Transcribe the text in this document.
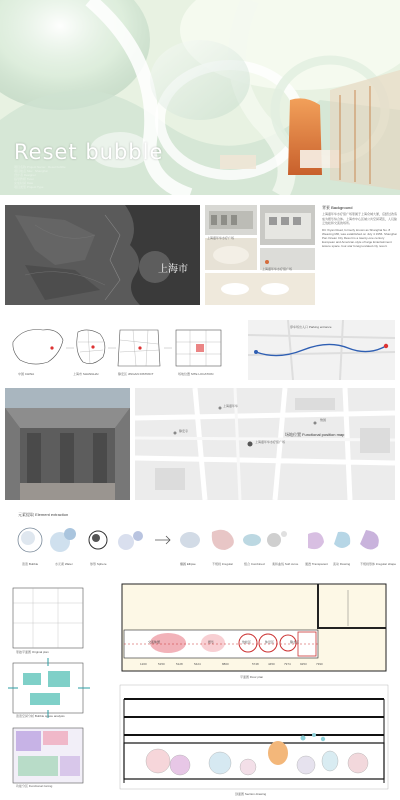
Reset bubble
项目名称 Project Name：Reset bubble
项目地点 Site：Shanghai
设计者 Designer
指导教师 Tutor
完成时间 Date
项目类型 Project Type
上海市
上海嘉年华水疗广场
上海嘉年华水疗馆广场
背景 Background
上海嘉年华水疗馆广场原属于上海众城大厦，后经过改造成为娱乐综合体。上海市中心区域公共空间紧张，人们缺乏放松和交流的场所。
DC Xiyan Road, formerly known as Shanghai No. 8 Weaving Mill, was established on July 4 1956. Shanghai Pan Ocean City Resort is a twenty-one century European and American-style of large Entertainment leisure space. four-star foreign-related city resort.
中国 CHINA	上海市 SHANGHAI	静安区 JINGAN DISTRICT	场地位置 SITE LOCATION
停车场出入口 Parking entrance
上海嘉年华
豫园
静安寺
上海嘉年华水疗馆广场
场地位置 Functional position map
元素提取 Element extraction
泡泡 Bubble	水元素 Water	球形 Sphere	椭圆 Ellipse	不规则 Irregular	组合 Combined 柔和曲线 Soft curve 通透 Transparent 流动 Flowing	不规则形体 Irregular shape
原始平面图 Original plan
泡泡空间分析 Bubble space analysis
功能分区 Functional zoning
交流休憩	娱乐	放松区	休息区	静态区
1200	5150	5128	5424	8800	5748	4450	7974	9253	7390
平面图 Floor plan
剖面图 Section drawing
